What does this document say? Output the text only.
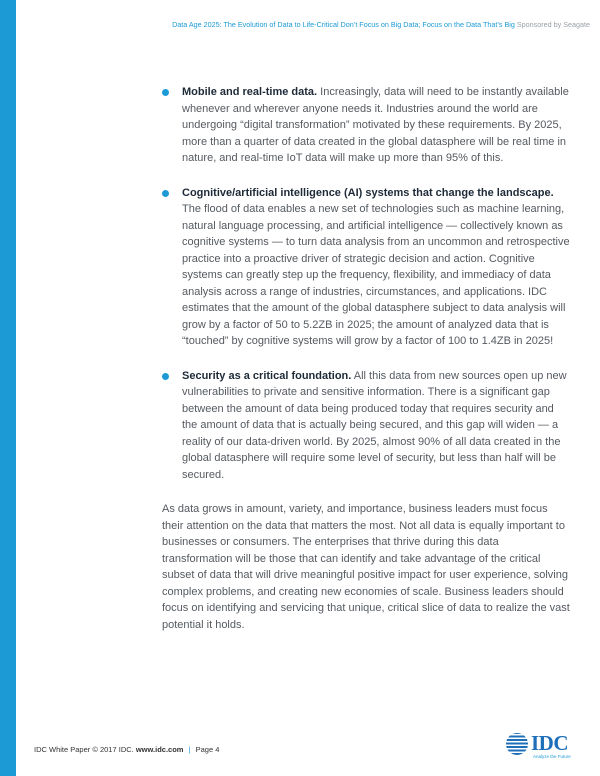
Data Age 2025: The Evolution of Data to Life-Critical Don’t Focus on Big Data; Focus on the Data That’s Big Sponsored by Seagate
Mobile and real-time data. Increasingly, data will need to be instantly available whenever and wherever anyone needs it. Industries around the world are undergoing “digital transformation” motivated by these requirements. By 2025, more than a quarter of data created in the global datasphere will be real time in nature, and real-time IoT data will make up more than 95% of this.
Cognitive/artificial intelligence (AI) systems that change the landscape. The flood of data enables a new set of technologies such as machine learning, natural language processing, and artificial intelligence — collectively known as cognitive systems — to turn data analysis from an uncommon and retrospective practice into a proactive driver of strategic decision and action. Cognitive systems can greatly step up the frequency, flexibility, and immediacy of data analysis across a range of industries, circumstances, and applications. IDC estimates that the amount of the global datasphere subject to data analysis will grow by a factor of 50 to 5.2ZB in 2025; the amount of analyzed data that is “touched” by cognitive systems will grow by a factor of 100 to 1.4ZB in 2025!
Security as a critical foundation. All this data from new sources open up new vulnerabilities to private and sensitive information. There is a significant gap between the amount of data being produced today that requires security and the amount of data that is actually being secured, and this gap will widen — a reality of our data-driven world. By 2025, almost 90% of all data created in the global datasphere will require some level of security, but less than half will be secured.

As data grows in amount, variety, and importance, business leaders must focus their attention on the data that matters the most. Not all data is equally important to businesses or consumers. The enterprises that thrive during this data transformation will be those that can identify and take advantage of the critical subset of data that will drive meaningful positive impact for user experience, solving complex problems, and creating new economies of scale. Business leaders should focus on identifying and servicing that unique, critical slice of data to realize the vast potential it holds.

IDC White Paper © 2017 IDC. www.idc.com | Page 4	IDC
Analyze the Future
